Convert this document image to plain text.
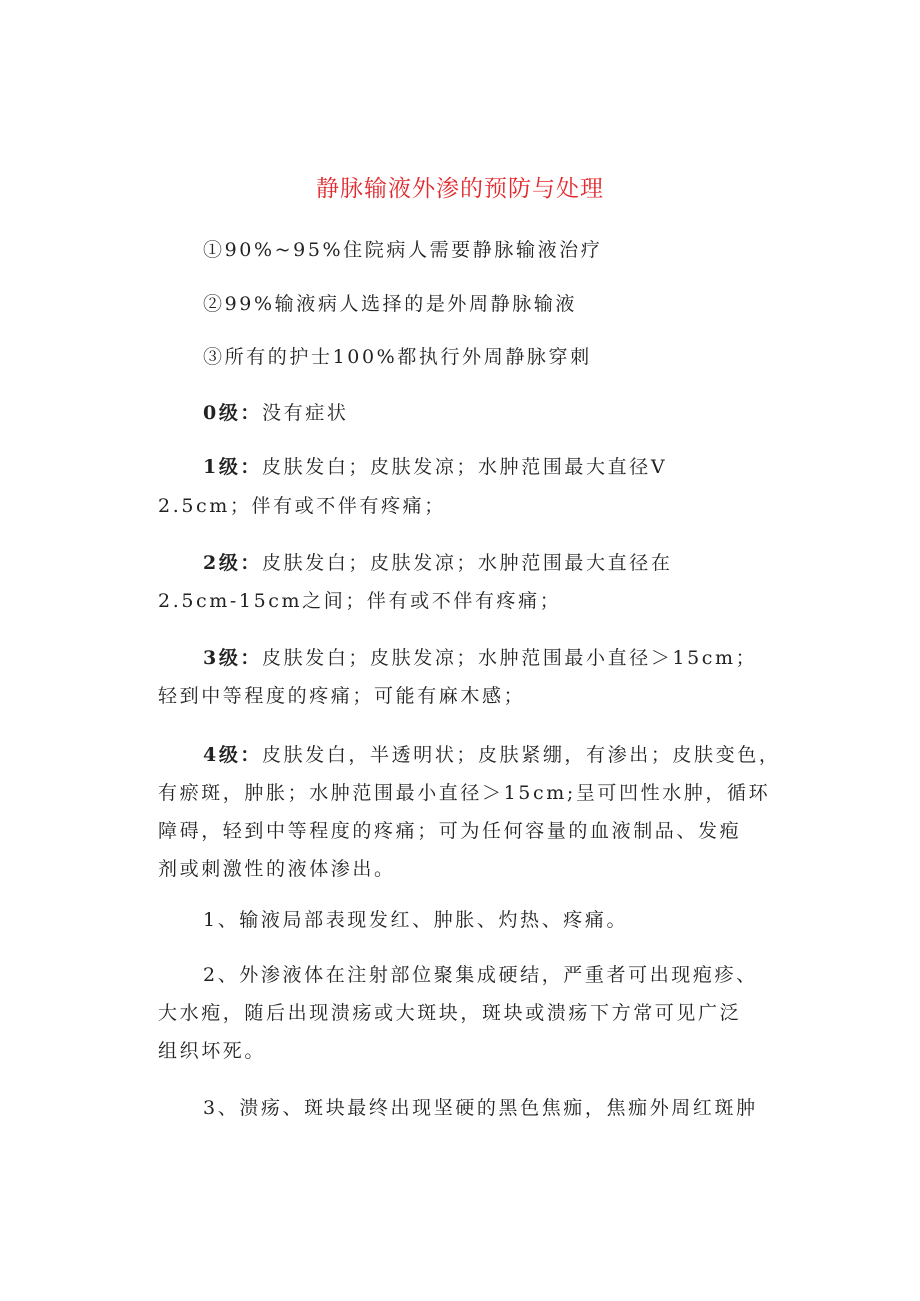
静脉输液外渗的预防与处理
①90%~95%住院病人需要静脉输液治疗
②99%输液病人选择的是外周静脉输液
③所有的护士100%都执行外周静脉穿刺
0级：没有症状
1级：皮肤发白；皮肤发凉；水肿范围最大直径V
2.5cm；伴有或不伴有疼痛；
2级：皮肤发白；皮肤发凉；水肿范围最大直径在
2.5cm-15cm之间；伴有或不伴有疼痛；
3级：皮肤发白；皮肤发凉；水肿范围最小直径＞15cm；
轻到中等程度的疼痛；可能有麻木感；
4级：皮肤发白，半透明状；皮肤紧绷，有渗出；皮肤变色，
有瘀斑，肿胀；水肿范围最小直径＞15cm;呈可凹性水肿，循环
障碍，轻到中等程度的疼痛；可为任何容量的血液制品、发疱
剂或刺激性的液体渗出。
1、输液局部表现发红、肿胀、灼热、疼痛。
2、外渗液体在注射部位聚集成硬结，严重者可出现疱疹、
大水疱，随后出现溃疡或大斑块，斑块或溃疡下方常可见广泛
组织坏死。
3、溃疡、斑块最终出现坚硬的黑色焦痂，焦痂外周红斑肿
